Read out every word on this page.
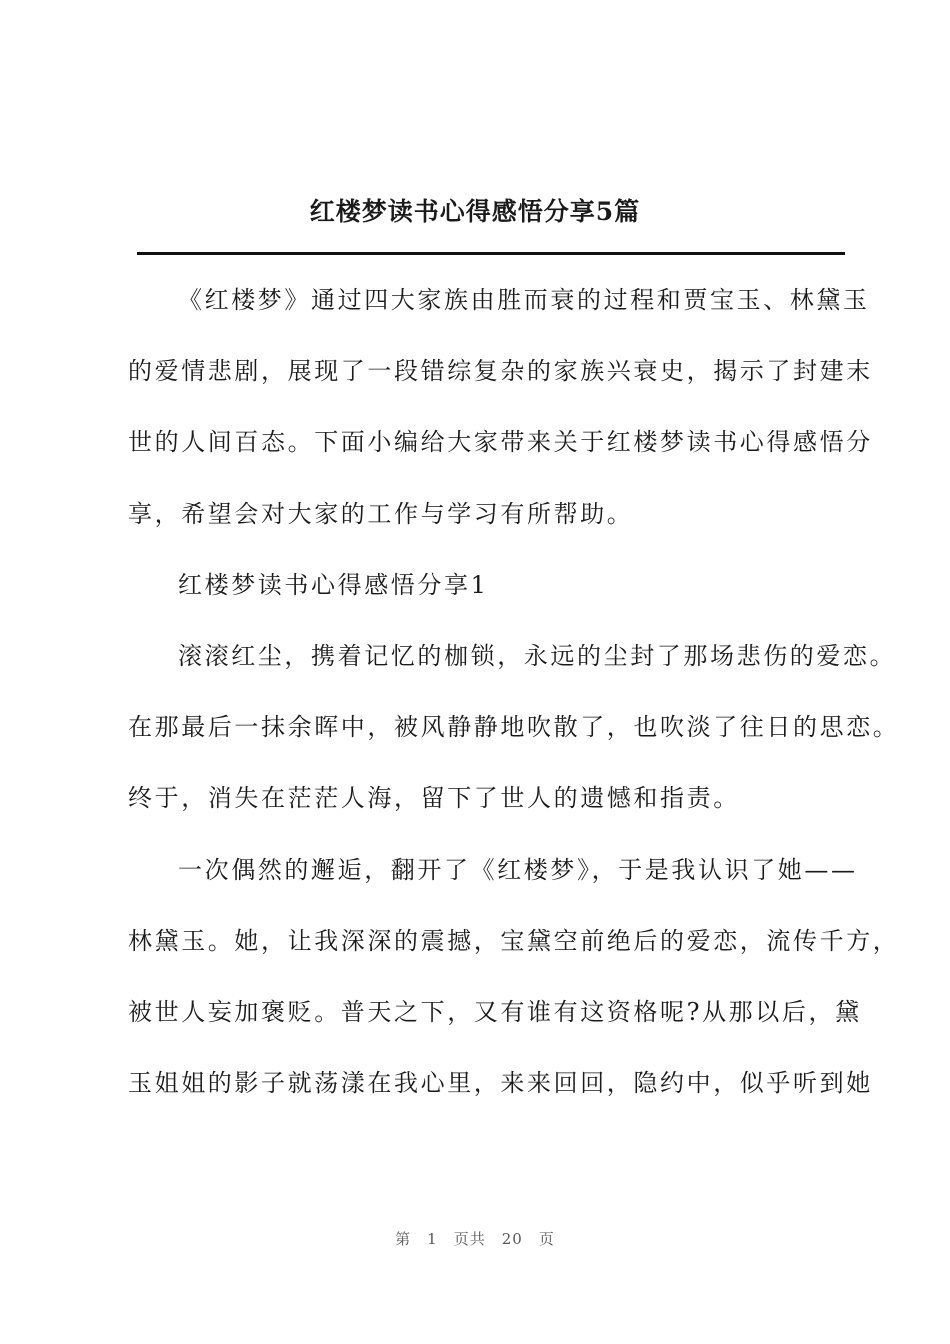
红楼梦读书心得感悟分享5篇

《红楼梦》通过四大家族由胜而衰的过程和贾宝玉、林黛玉

的爱情悲剧，展现了一段错综复杂的家族兴衰史，揭示了封建末

世的人间百态。下面小编给大家带来关于红楼梦读书心得感悟分

享，希望会对大家的工作与学习有所帮助。

红楼梦读书心得感悟分享1

滚滚红尘，携着记忆的枷锁，永远的尘封了那场悲伤的爱恋。

在那最后一抹余晖中，被风静静地吹散了，也吹淡了往日的思恋。

终于，消失在茫茫人海，留下了世人的遗憾和指责。

一次偶然的邂逅，翻开了《红楼梦》，于是我认识了她——

林黛玉。她，让我深深的震撼，宝黛空前绝后的爱恋，流传千方，

被世人妄加褒贬。普天之下，又有谁有这资格呢?从那以后，黛

玉姐姐的影子就荡漾在我心里，来来回回，隐约中，似乎听到她

第 1 页共 20 页
